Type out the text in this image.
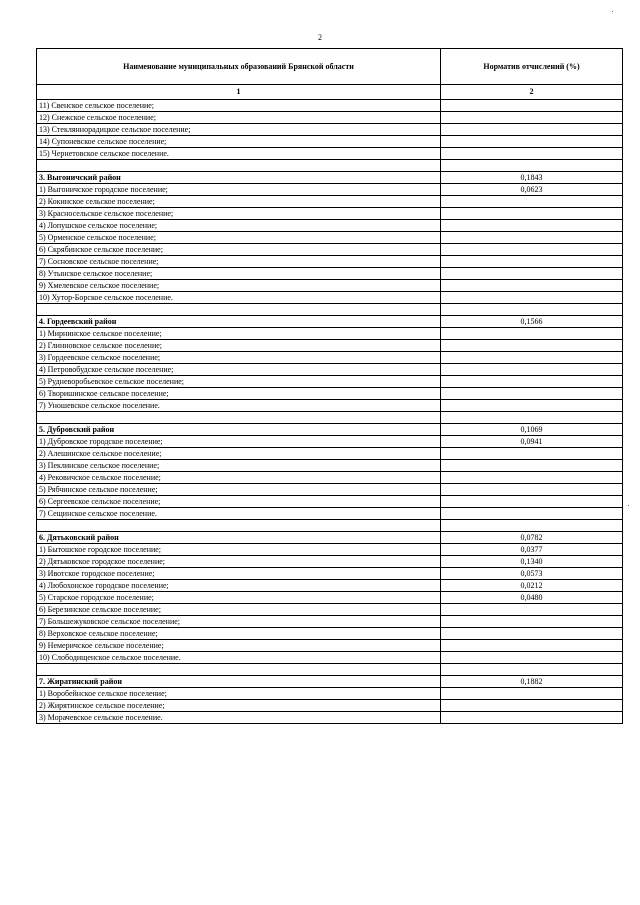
2
Наименование муниципальных образований Брянской области	Норматив отчислений (%)
1	2
11) Свенское сельское поселение;	
12) Снежское сельское поселение;	
13) Стекляннорадицкое сельское поселение;	
14) Супоневское сельское поселение;	
15) Чернетовское сельское поселение.	

3. Выгоничский район	0,1843
1) Выгоничское городское поселение;	0,0623
2) Кокинское сельское поселение;	
3) Красносельское сельское поселение;	
4) Лопушское сельское поселение;	
5) Орменское сельское поселение;	
6) Скрябинское сельское поселение;	
7) Сосновское сельское поселение;	
8) Утынское сельское поселение;	
9) Хмелевское сельское поселение;	
10) Хутор-Борское сельское поселение.	

4. Гордеевский район	0,1566
1) Мирнинское сельское поселение;	
2) Глинновское сельское поселение;	
3) Гордеевское сельское поселение;	
4) Петровобудское сельское поселение;	
5) Рудневоробьевское сельское поселение;	
6) Творишинское сельское поселение;	
7) Уношевское сельское поселение.	

5. Дубровский район	0,1069
1) Дубровское городское поселение;	0,0941
2) Алешинское сельское поселение;	
3) Пеклинское сельское поселение;	
4) Рековичское сельское поселение;	
5) Рябчинское сельское поселение;	
6) Сергеевское сельское поселение;	
7) Сещинское сельское поселение.	

6. Дятьковский район	0,0782
1) Бытошское городское поселение;	0,0377
2) Дятьковское городское поселение;	0,1340
3) Ивотское городское поселение;	0,0573
4) Любохонское городское поселение;	0,0212
5) Старское городское поселение;	0,0480
6) Березинское сельское поселение;	
7) Большежуковское сельское поселение;	
8) Верховское сельское поселение;	
9) Немеричское сельское поселение;	
10) Слободищенское сельское поселение.	

7. Жиратинский район	0,1882
1) Воробейнское сельское поселение;	
2) Жирятинское сельское поселение;	
3) Морачевское сельское поселение.	
